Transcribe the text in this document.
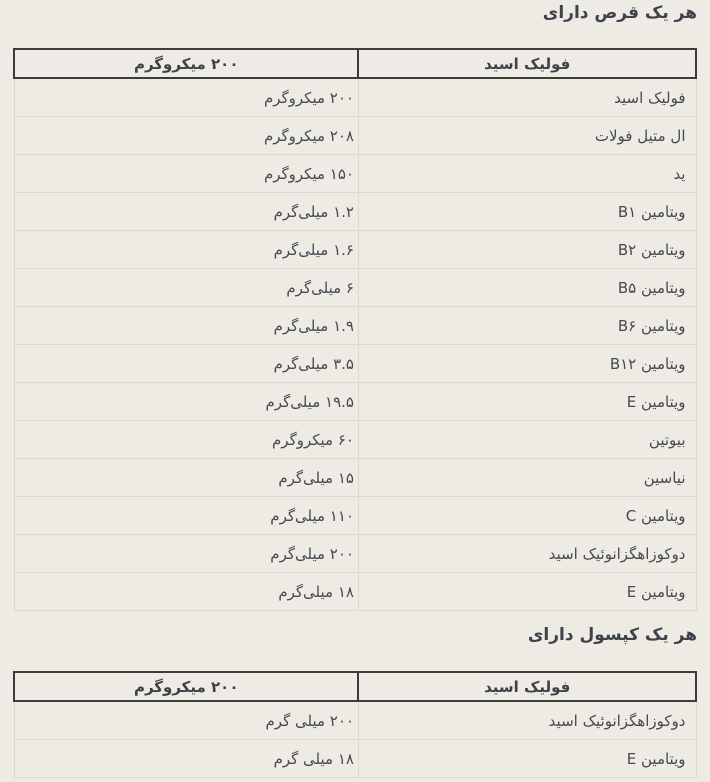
هر یک قرص دارای
فولیک اسید	۲۰۰ میکروگرم
فولیک اسید	۲۰۰ میکروگرم
ال متیل فولات	۲۰۸ میکروگرم
ید	۱۵۰ میکروگرم
ویتامین B۱	۱.۲ میلی‌گرم
ویتامین B۲	۱.۶ میلی‌گرم
ویتامین B۵	۶ میلی‌گرم
ویتامین B۶	۱.۹ میلی‌گرم
ویتامین B۱۲	۳.۵ میلی‌گرم
ویتامین E	۱۹.۵ میلی‌گرم
بیوتین	۶۰ میکروگرم
نیاسین	۱۵ میلی‌گرم
ویتامین C	۱۱۰ میلی‌گرم
دوکوزاهگزانوئیک اسید	۲۰۰ میلی‌گرم
ویتامین E	۱۸ میلی‌گرم
هر یک کپسول دارای
فولیک اسید	۲۰۰ میکروگرم
دوکوزاهگزانوئیک اسید	۲۰۰ میلی گرم
ویتامین E	۱۸ میلی گرم
